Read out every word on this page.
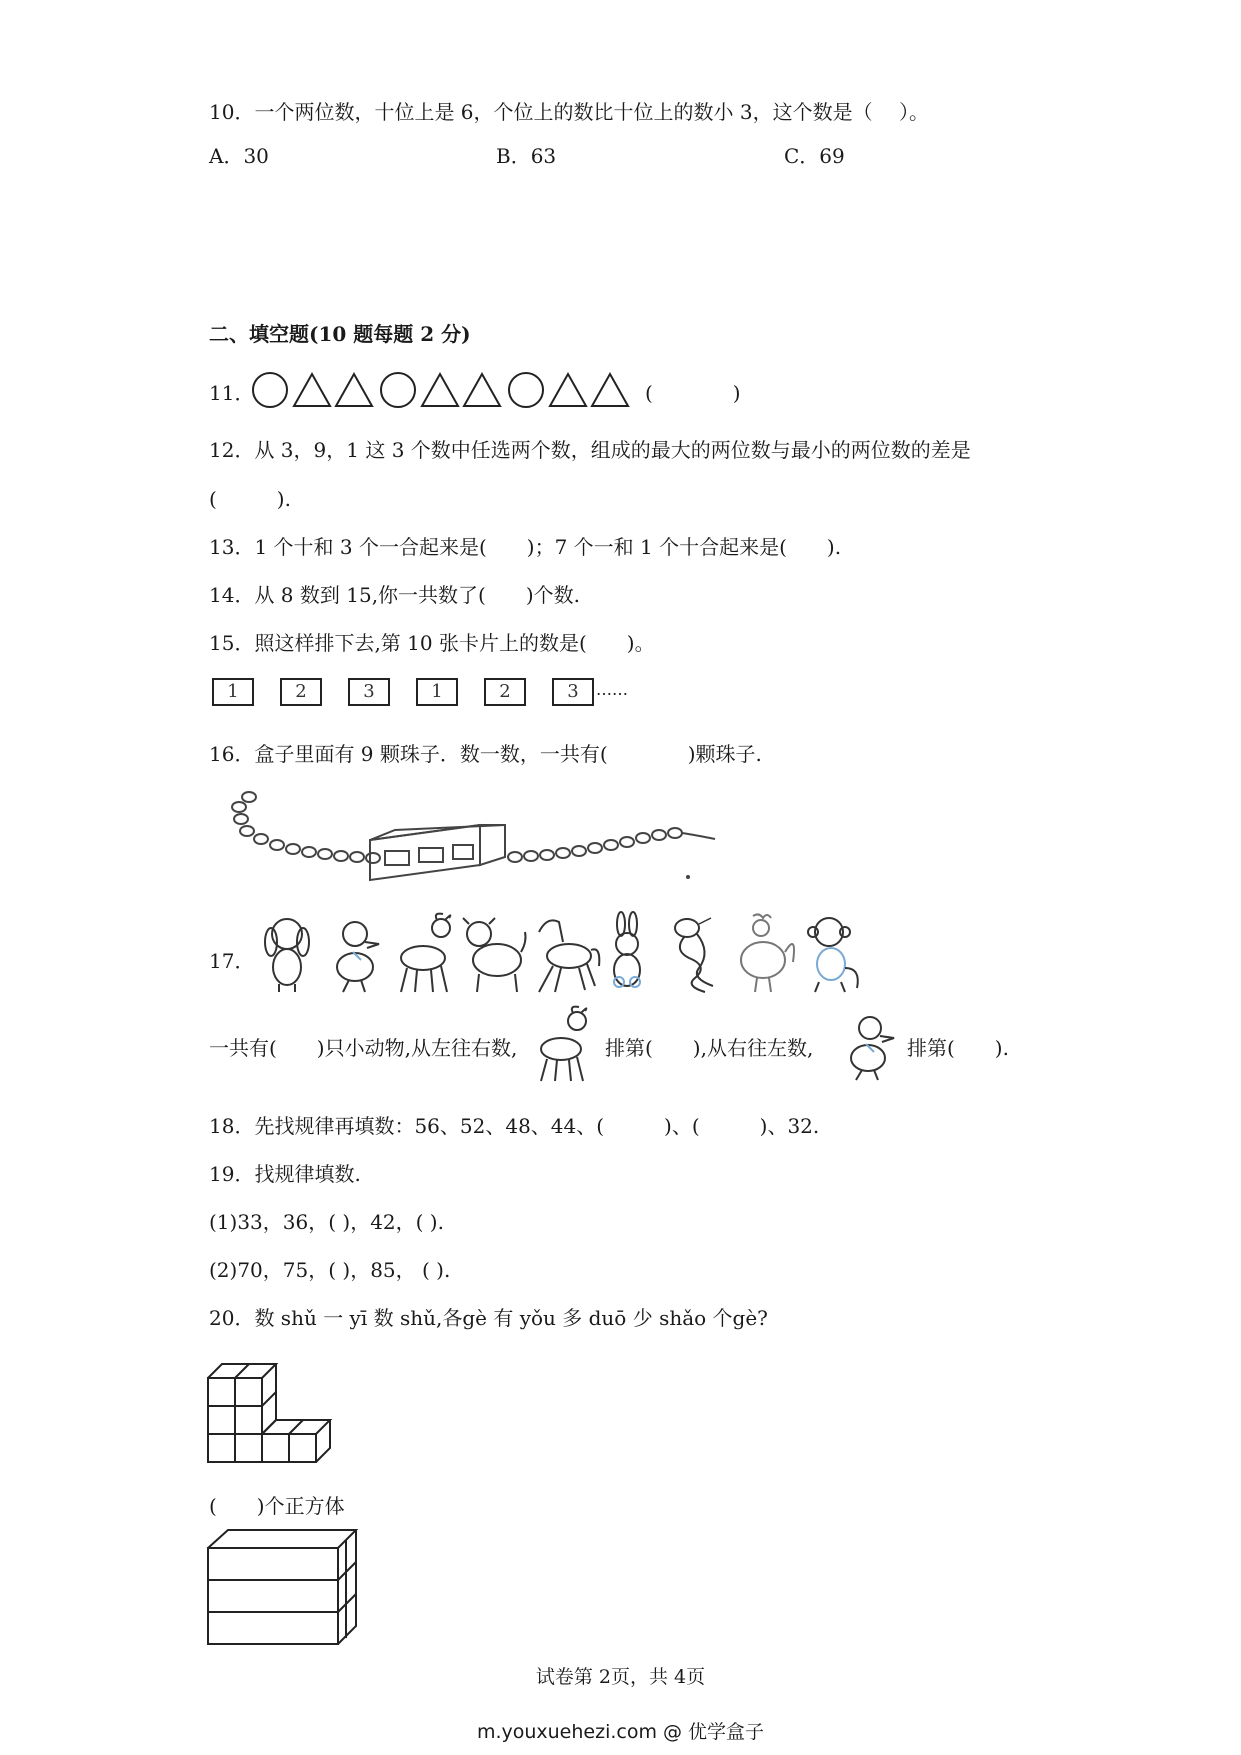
10．一个两位数，十位上是 6，个位上的数比十位上的数小 3，这个数是（　 ）。
A．30	B．63	C．69
二、填空题(10 题每题 2 分)
11．	(　　　　)
12．从 3，9，1 这 3 个数中任选两个数，组成的最大的两位数与最小的两位数的差是
(　　　).
13．1 个十和 3 个一合起来是(　　)；7 个一和 1 个十合起来是(　　).
14．从 8 数到 15,你一共数了(　　)个数.
15．照这样排下去,第 10 张卡片上的数是(　　)。
1	2	3	1	2	3	……
16．盒子里面有 9 颗珠子．数一数，一共有(　　　　)颗珠子.
17．
一共有(　　)只小动物,从左往右数,	排第(　　),从右往左数,	排第(　　).
18．先找规律再填数：56、52、48、44、(　　　)、(　　　)、32.
19．找规律填数.
(1)33，36，( )，42，( ).
(2)70，75，( )，85， ( ).
20．数 shǔ 一 yī 数 shǔ,各gè 有 yǒu 多 duō 少 shǎo 个gè?
(　　)个正方体
试卷第 2页，共 4页
m.youxuehezi.com @ 优学盒子
